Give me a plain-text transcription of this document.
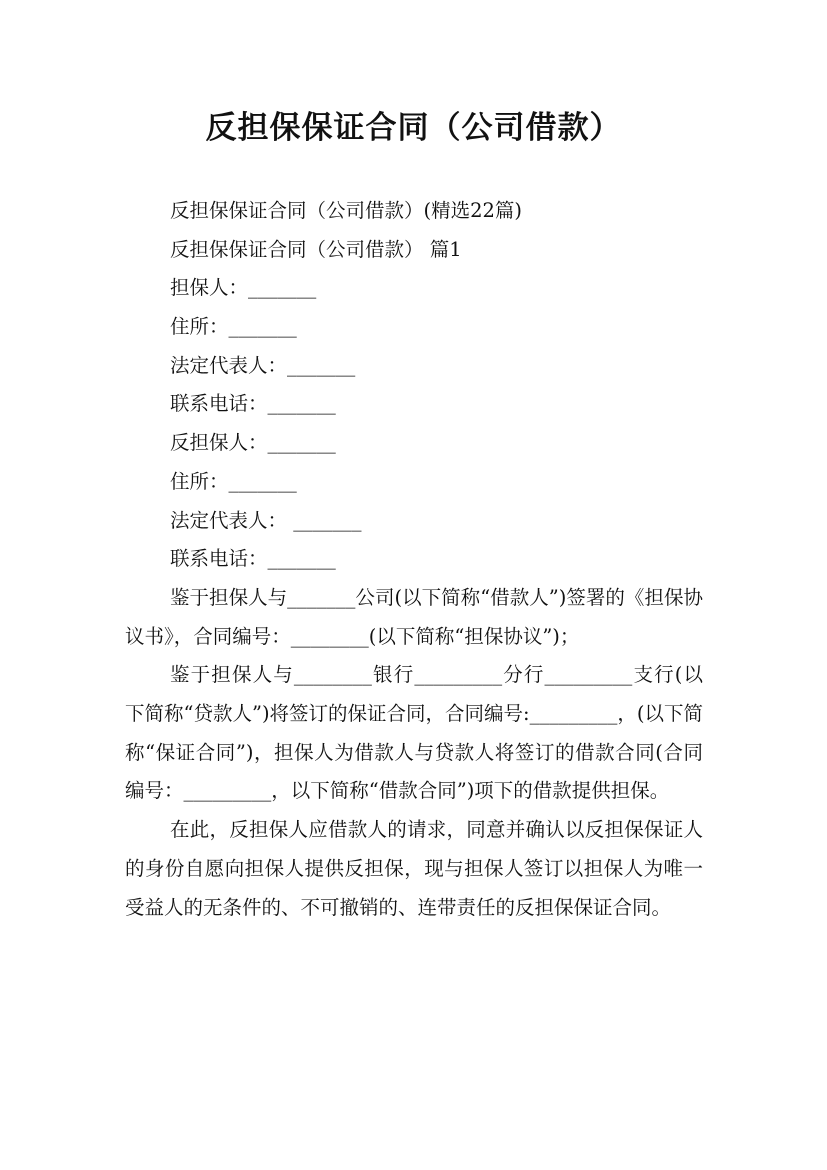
反担保保证合同（公司借款）
反担保保证合同（公司借款）(精选22篇)
反担保保证合同（公司借款） 篇1
担保人：_______
住所：_______
法定代表人：_______
联系电话：_______
反担保人：_______
住所：_______
法定代表人： _______
联系电话：_______

鉴于担保人与_______公司(以下简称“借款人”)签署的《担保协议书》，合同编号：________(以下简称“担保协议”)；

鉴于担保人与________银行_________分行_________支行(以下简称“贷款人”)将签订的保证合同，合同编号:_________，(以下简称“保证合同”)，担保人为借款人与贷款人将签订的借款合同(合同编号：_________，以下简称“借款合同”)项下的借款提供担保。

在此，反担保人应借款人的请求，同意并确认以反担保保证人的身份自愿向担保人提供反担保，现与担保人签订以担保人为唯一受益人的无条件的、不可撤销的、连带责任的反担保保证合同。
